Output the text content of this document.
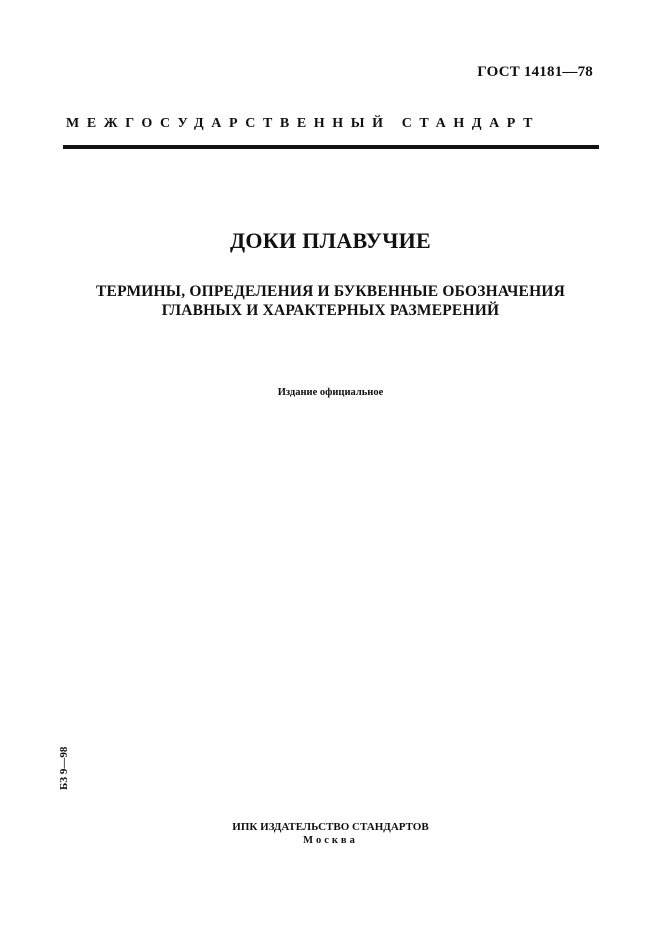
ГОСТ 14181—78
МЕЖГОСУДАРСТВЕННЫЙ СТАНДАРТ
ДОКИ ПЛАВУЧИЕ
ТЕРМИНЫ, ОПРЕДЕЛЕНИЯ И БУКВЕННЫЕ ОБОЗНАЧЕНИЯ
ГЛАВНЫХ И ХАРАКТЕРНЫХ РАЗМЕРЕНИЙ
Издание официальное
БЗ 9—98
ИПК ИЗДАТЕЛЬСТВО СТАНДАРТОВ
Москва
